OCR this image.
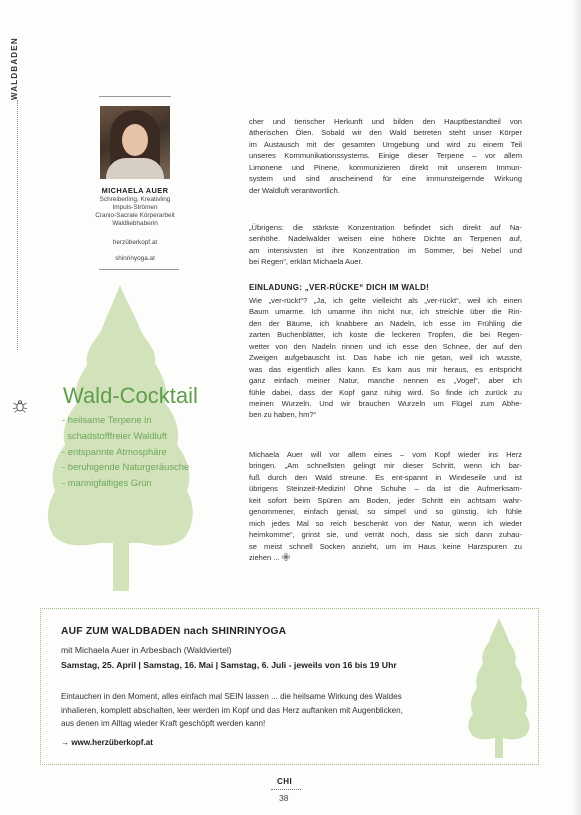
WALDBADEN
MICHAELA AUER
Schreiberling, Kreativling
Impuls-Strömen
Cranio-Sacrale Körperarbeit
Waldliebhaberin
herzüberkopf.at
shinrinyoga.at
Wald-Cocktail
- heilsame Terpene in
schadstofffreier Waldluft
- entspannte Atmosphäre
- beruhigende Naturgeräusche
- mannigfaltiges Grün
cher und tierischer Herkunft und bilden den Hauptbestandteil von
ätherischen Ölen. Sobald wir den Wald betreten steht unser Körper
im Austausch mit der gesamten Umgebung und wird zu einem Teil
unseres Kommunikationssystems. Einige dieser Terpene – vor allem
Limonene und Pinene, kommunizieren direkt mit unserem Immun-
system und sind anscheinend für eine immunsteigernde Wirkung
der Waldluft verantwortlich.
„Übrigens: die stärkste Konzentration befindet sich direkt auf Na-
senhöhe. Nadelwälder weisen eine höhere Dichte an Terpenen auf,
am intensivsten ist ihre Konzentration im Sommer, bei Nebel und
bei Regen“, erklärt Michaela Auer.
EINLADUNG: „VER-RÜCKE“ DICH IM WALD!
Wie „ver-rückt“? „Ja, ich gelte vielleicht als „ver-rückt“, weil ich einen
Baum umarme. Ich umarme ihn nicht nur, ich streichle über die Rin-
den der Bäume, ich knabbere an Nadeln, ich esse im Frühling die
zarten Buchenblätter, ich koste die leckeren Tropfen, die bei Regen-
wetter von den Nadeln rinnen und ich esse den Schnee, der auf den
Zweigen aufgebauscht ist. Das habe ich nie getan, weil ich wusste,
was das eigentlich alles kann. Es kam aus mir heraus, es entspricht
ganz einfach meiner Natur, manche nennen es „Vogel“, aber ich
fühle dabei, dass der Kopf ganz ruhig wird. So finde ich zurück zu
meinen Wurzeln. Und wir brauchen Wurzeln um Flügel zum Abhe-
ben zu haben, hm?“
Michaela Auer will vor allem eines – vom Kopf wieder ins Herz
bringen. „Am schnellsten gelingt mir dieser Schritt, wenn ich bar-
fuß durch den Wald streune. Es ent-spannt in Windeseile und ist
übrigens Steinzeit-Medizin! Ohne Schuhe – da ist die Aufmerksam-
keit sofort beim Spüren am Boden, jeder Schritt ein achtsam wahr-
genommener, einfach genial, so simpel und so günstig. Ich fühle
mich jedes Mal so reich beschenkt von der Natur, wenn ich wieder
heimkomme“, grinst sie, und verrät noch, dass sie sich dann zuhau-
se meist schnell Socken anzieht, um im Haus keine Harzspuren zu
ziehen ...
AUF ZUM WALDBADEN nach SHINRINYOGA
mit Michaela Auer in Arbesbach (Waldviertel)
Samstag, 25. April | Samstag, 16. Mai | Samstag, 6. Juli - jeweils von 16 bis 19 Uhr
Eintauchen in den Moment, alles einfach mal SEIN lassen ... die heilsame Wirkung des Waldes
inhalieren, komplett abschalten, leer werden im Kopf und das Herz auftanken mit Augenblicken,
aus denen im Alltag wieder Kraft geschöpft werden kann!
→ www.herzüberkopf.at
CHI
38
